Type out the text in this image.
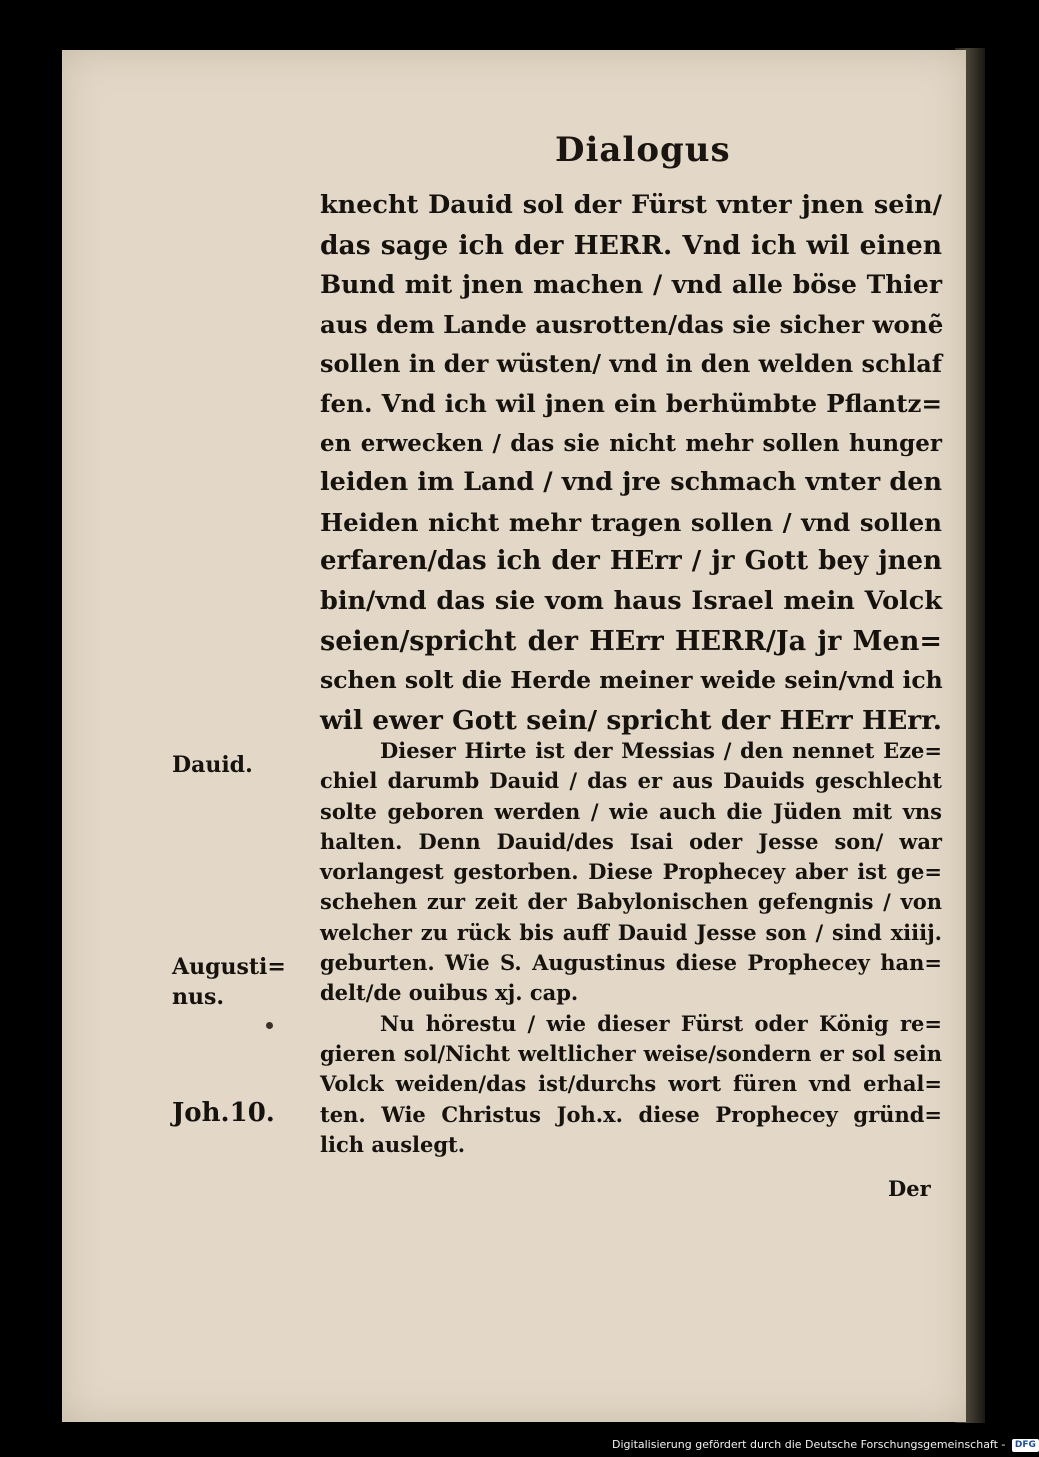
Dialogus
knecht Dauid sol der Fürst vnter jnen sein/
das sage ich der HERR. Vnd ich wil einen
Bund mit jnen machen / vnd alle böse Thier
aus dem Lande ausrotten/das sie sicher wonẽ
sollen in der wüsten/ vnd in den welden schlaf
fen. Vnd ich wil jnen ein berhümbte Pflantz=
en erwecken / das sie nicht mehr sollen hunger
leiden im Land / vnd jre schmach vnter den
Heiden nicht mehr tragen sollen / vnd sollen
erfaren/das ich der HErr / jr Gott bey jnen
bin/vnd das sie vom haus Israel mein Volck
seien/spricht der HErr HERR/Ja jr Men=
schen solt die Herde meiner weide sein/vnd ich
wil ewer Gott sein/ spricht der HErr HErr.
Dieser Hirte ist der Messias / den nennet Eze=
chiel darumb Dauid / das er aus Dauids geschlecht
solte geboren werden / wie auch die Jüden mit vns
halten. Denn Dauid/des Isai oder Jesse son/ war
vorlangest gestorben. Diese Prophecey aber ist ge=
schehen zur zeit der Babylonischen gefengnis / von
welcher zu rück bis auff Dauid Jesse son / sind xiiij.
geburten. Wie S. Augustinus diese Prophecey han=
delt/de ouibus xj. cap.
Nu hörestu / wie dieser Fürst oder König re=
gieren sol/Nicht weltlicher weise/sondern er sol sein
Volck weiden/das ist/durchs wort füren vnd erhal=
ten. Wie Christus Joh.x. diese Prophecey gründ=
lich auslegt.
Dauid.
Augusti=
nus.
Joh.10.
Der
Digitalisierung gefördert durch die Deutsche Forschungsgemeinschaft - DFG
